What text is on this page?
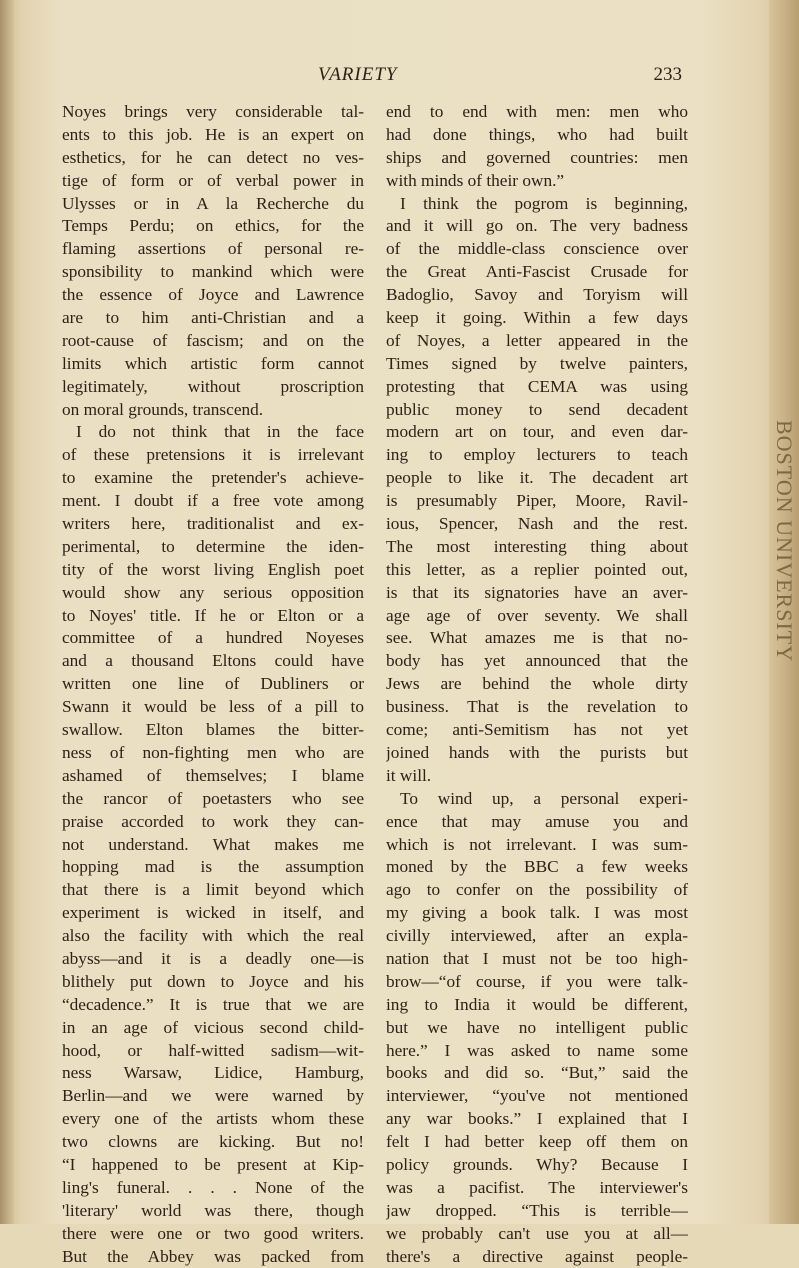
BOSTON UNIVERSITY
VARIETY	233
Noyes brings very considerable tal-
ents to this job. He is an expert on
esthetics, for he can detect no ves-
tige of form or of verbal power in
Ulysses or in A la Recherche du
Temps Perdu; on ethics, for the
flaming assertions of personal re-
sponsibility to mankind which were
the essence of Joyce and Lawrence
are to him anti-Christian and a
root-cause of fascism; and on the
limits which artistic form cannot
legitimately, without proscription
on moral grounds, transcend.
I do not think that in the face
of these pretensions it is irrelevant
to examine the pretender's achieve-
ment. I doubt if a free vote among
writers here, traditionalist and ex-
perimental, to determine the iden-
tity of the worst living English poet
would show any serious opposition
to Noyes' title. If he or Elton or a
committee of a hundred Noyeses
and a thousand Eltons could have
written one line of Dubliners or
Swann it would be less of a pill to
swallow. Elton blames the bitter-
ness of non-fighting men who are
ashamed of themselves; I blame
the rancor of poetasters who see
praise accorded to work they can-
not understand. What makes me
hopping mad is the assumption
that there is a limit beyond which
experiment is wicked in itself, and
also the facility with which the real
abyss—and it is a deadly one—is
blithely put down to Joyce and his
“decadence.” It is true that we are
in an age of vicious second child-
hood, or half-witted sadism—wit-
ness Warsaw, Lidice, Hamburg,
Berlin—and we were warned by
every one of the artists whom these
two clowns are kicking. But no!
“I happened to be present at Kip-
ling's funeral. . . . None of the
'literary' world was there, though
there were one or two good writers.
But the Abbey was packed from
end to end with men: men who
had done things, who had built
ships and governed countries: men
with minds of their own.”
I think the pogrom is beginning,
and it will go on. The very badness
of the middle-class conscience over
the Great Anti-Fascist Crusade for
Badoglio, Savoy and Toryism will
keep it going. Within a few days
of Noyes, a letter appeared in the
Times signed by twelve painters,
protesting that CEMA was using
public money to send decadent
modern art on tour, and even dar-
ing to employ lecturers to teach
people to like it. The decadent art
is presumably Piper, Moore, Ravil-
ious, Spencer, Nash and the rest.
The most interesting thing about
this letter, as a replier pointed out,
is that its signatories have an aver-
age age of over seventy. We shall
see. What amazes me is that no-
body has yet announced that the
Jews are behind the whole dirty
business. That is the revelation to
come; anti-Semitism has not yet
joined hands with the purists but
it will.
To wind up, a personal experi-
ence that may amuse you and
which is not irrelevant. I was sum-
moned by the BBC a few weeks
ago to confer on the possibility of
my giving a book talk. I was most
civilly interviewed, after an expla-
nation that I must not be too high-
brow—“of course, if you were talk-
ing to India it would be different,
but we have no intelligent public
here.” I was asked to name some
books and did so. “But,” said the
interviewer, “you've not mentioned
any war books.” I explained that I
felt I had better keep off them on
policy grounds. Why? Because I
was a pacifist. The interviewer's
jaw dropped. “This is terrible—
we probably can't use you at all—
there's a directive against people-
